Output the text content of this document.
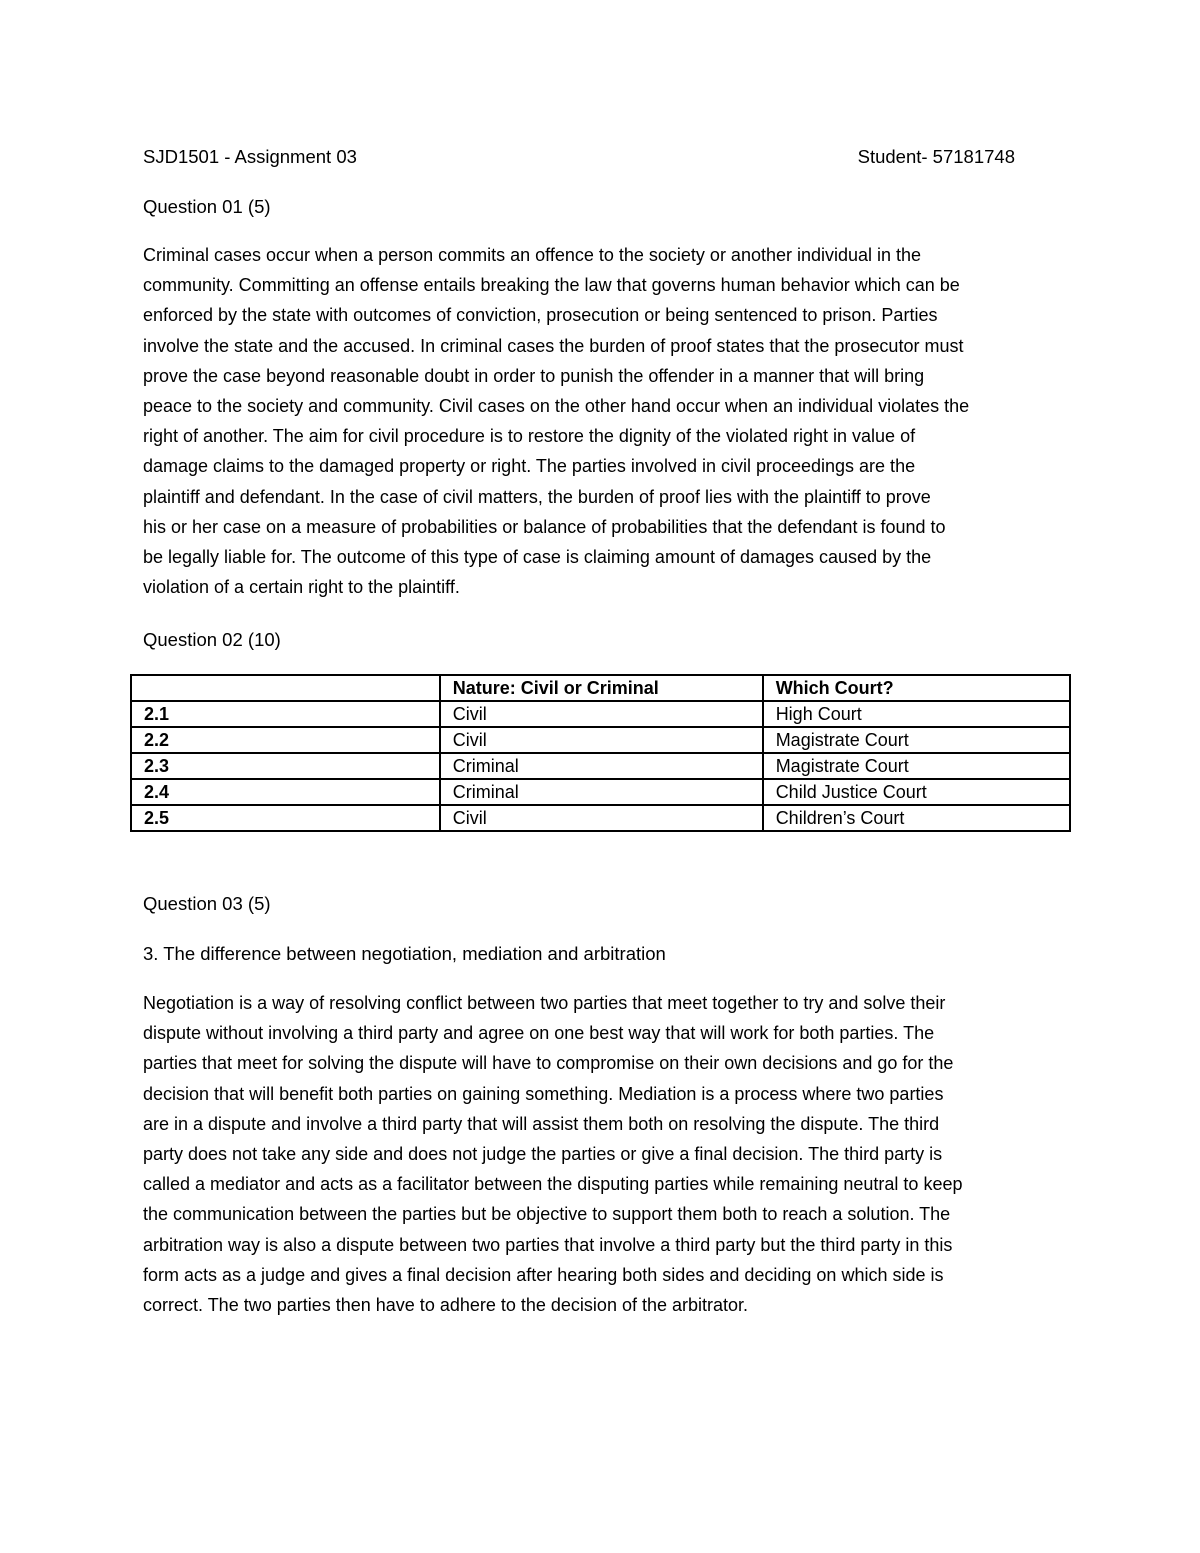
SJD1501 - Assignment 03	Student- 57181748
Question 01 (5)
Criminal cases occur when a person commits an offence to the society or another individual in the
community. Committing an offense entails breaking the law that governs human behavior which can be
enforced by the state with outcomes of conviction, prosecution or being sentenced to prison. Parties
involve the state and the accused. In criminal cases the burden of proof states that the prosecutor must
prove the case beyond reasonable doubt in order to punish the offender in a manner that will bring
peace to the society and community. Civil cases on the other hand occur when an individual violates the
right of another. The aim for civil procedure is to restore the dignity of the violated right in value of
damage claims to the damaged property or right. The parties involved in civil proceedings are the
plaintiff and defendant. In the case of civil matters, the burden of proof lies with the plaintiff to prove
his or her case on a measure of probabilities or balance of probabilities that the defendant is found to
be legally liable for. The outcome of this type of case is claiming amount of damages caused by the
violation of a certain right to the plaintiff.
Question 02 (10)
	Nature: Civil or Criminal	Which Court?
2.1	Civil	High Court
2.2	Civil	Magistrate Court
2.3	Criminal	Magistrate Court
2.4	Criminal	Child Justice Court
2.5	Civil	Children’s Court
Question 03 (5)
3. The difference between negotiation, mediation and arbitration
Negotiation is a way of resolving conflict between two parties that meet together to try and solve their
dispute without involving a third party and agree on one best way that will work for both parties. The
parties that meet for solving the dispute will have to compromise on their own decisions and go for the
decision that will benefit both parties on gaining something. Mediation is a process where two parties
are in a dispute and involve a third party that will assist them both on resolving the dispute. The third
party does not take any side and does not judge the parties or give a final decision. The third party is
called a mediator and acts as a facilitator between the disputing parties while remaining neutral to keep
the communication between the parties but be objective to support them both to reach a solution. The
arbitration way is also a dispute between two parties that involve a third party but the third party in this
form acts as a judge and gives a final decision after hearing both sides and deciding on which side is
correct. The two parties then have to adhere to the decision of the arbitrator.
